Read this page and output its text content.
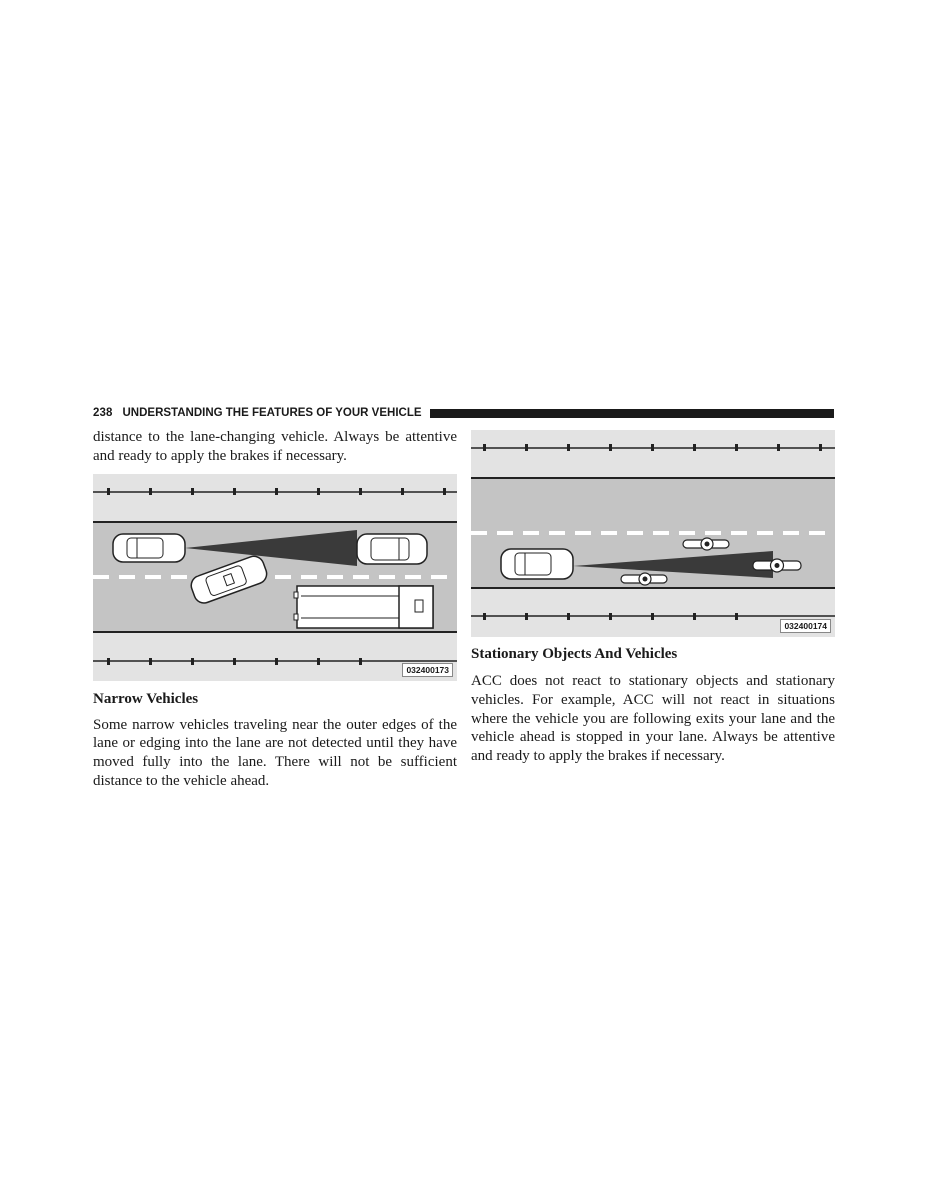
238 UNDERSTANDING THE FEATURES OF YOUR VEHICLE

distance to the lane-changing vehicle. Always be attentive and ready to apply the brakes if necessary.

032400173
Narrow Vehicles

Some narrow vehicles traveling near the outer edges of the lane or edging into the lane are not detected until they have moved fully into the lane. There will not be sufficient distance to the vehicle ahead.

032400174
Stationary Objects And Vehicles

ACC does not react to stationary objects and stationary vehicles. For example, ACC will not react in situations where the vehicle you are following exits your lane and the vehicle ahead is stopped in your lane. Always be attentive and ready to apply the brakes if necessary.
